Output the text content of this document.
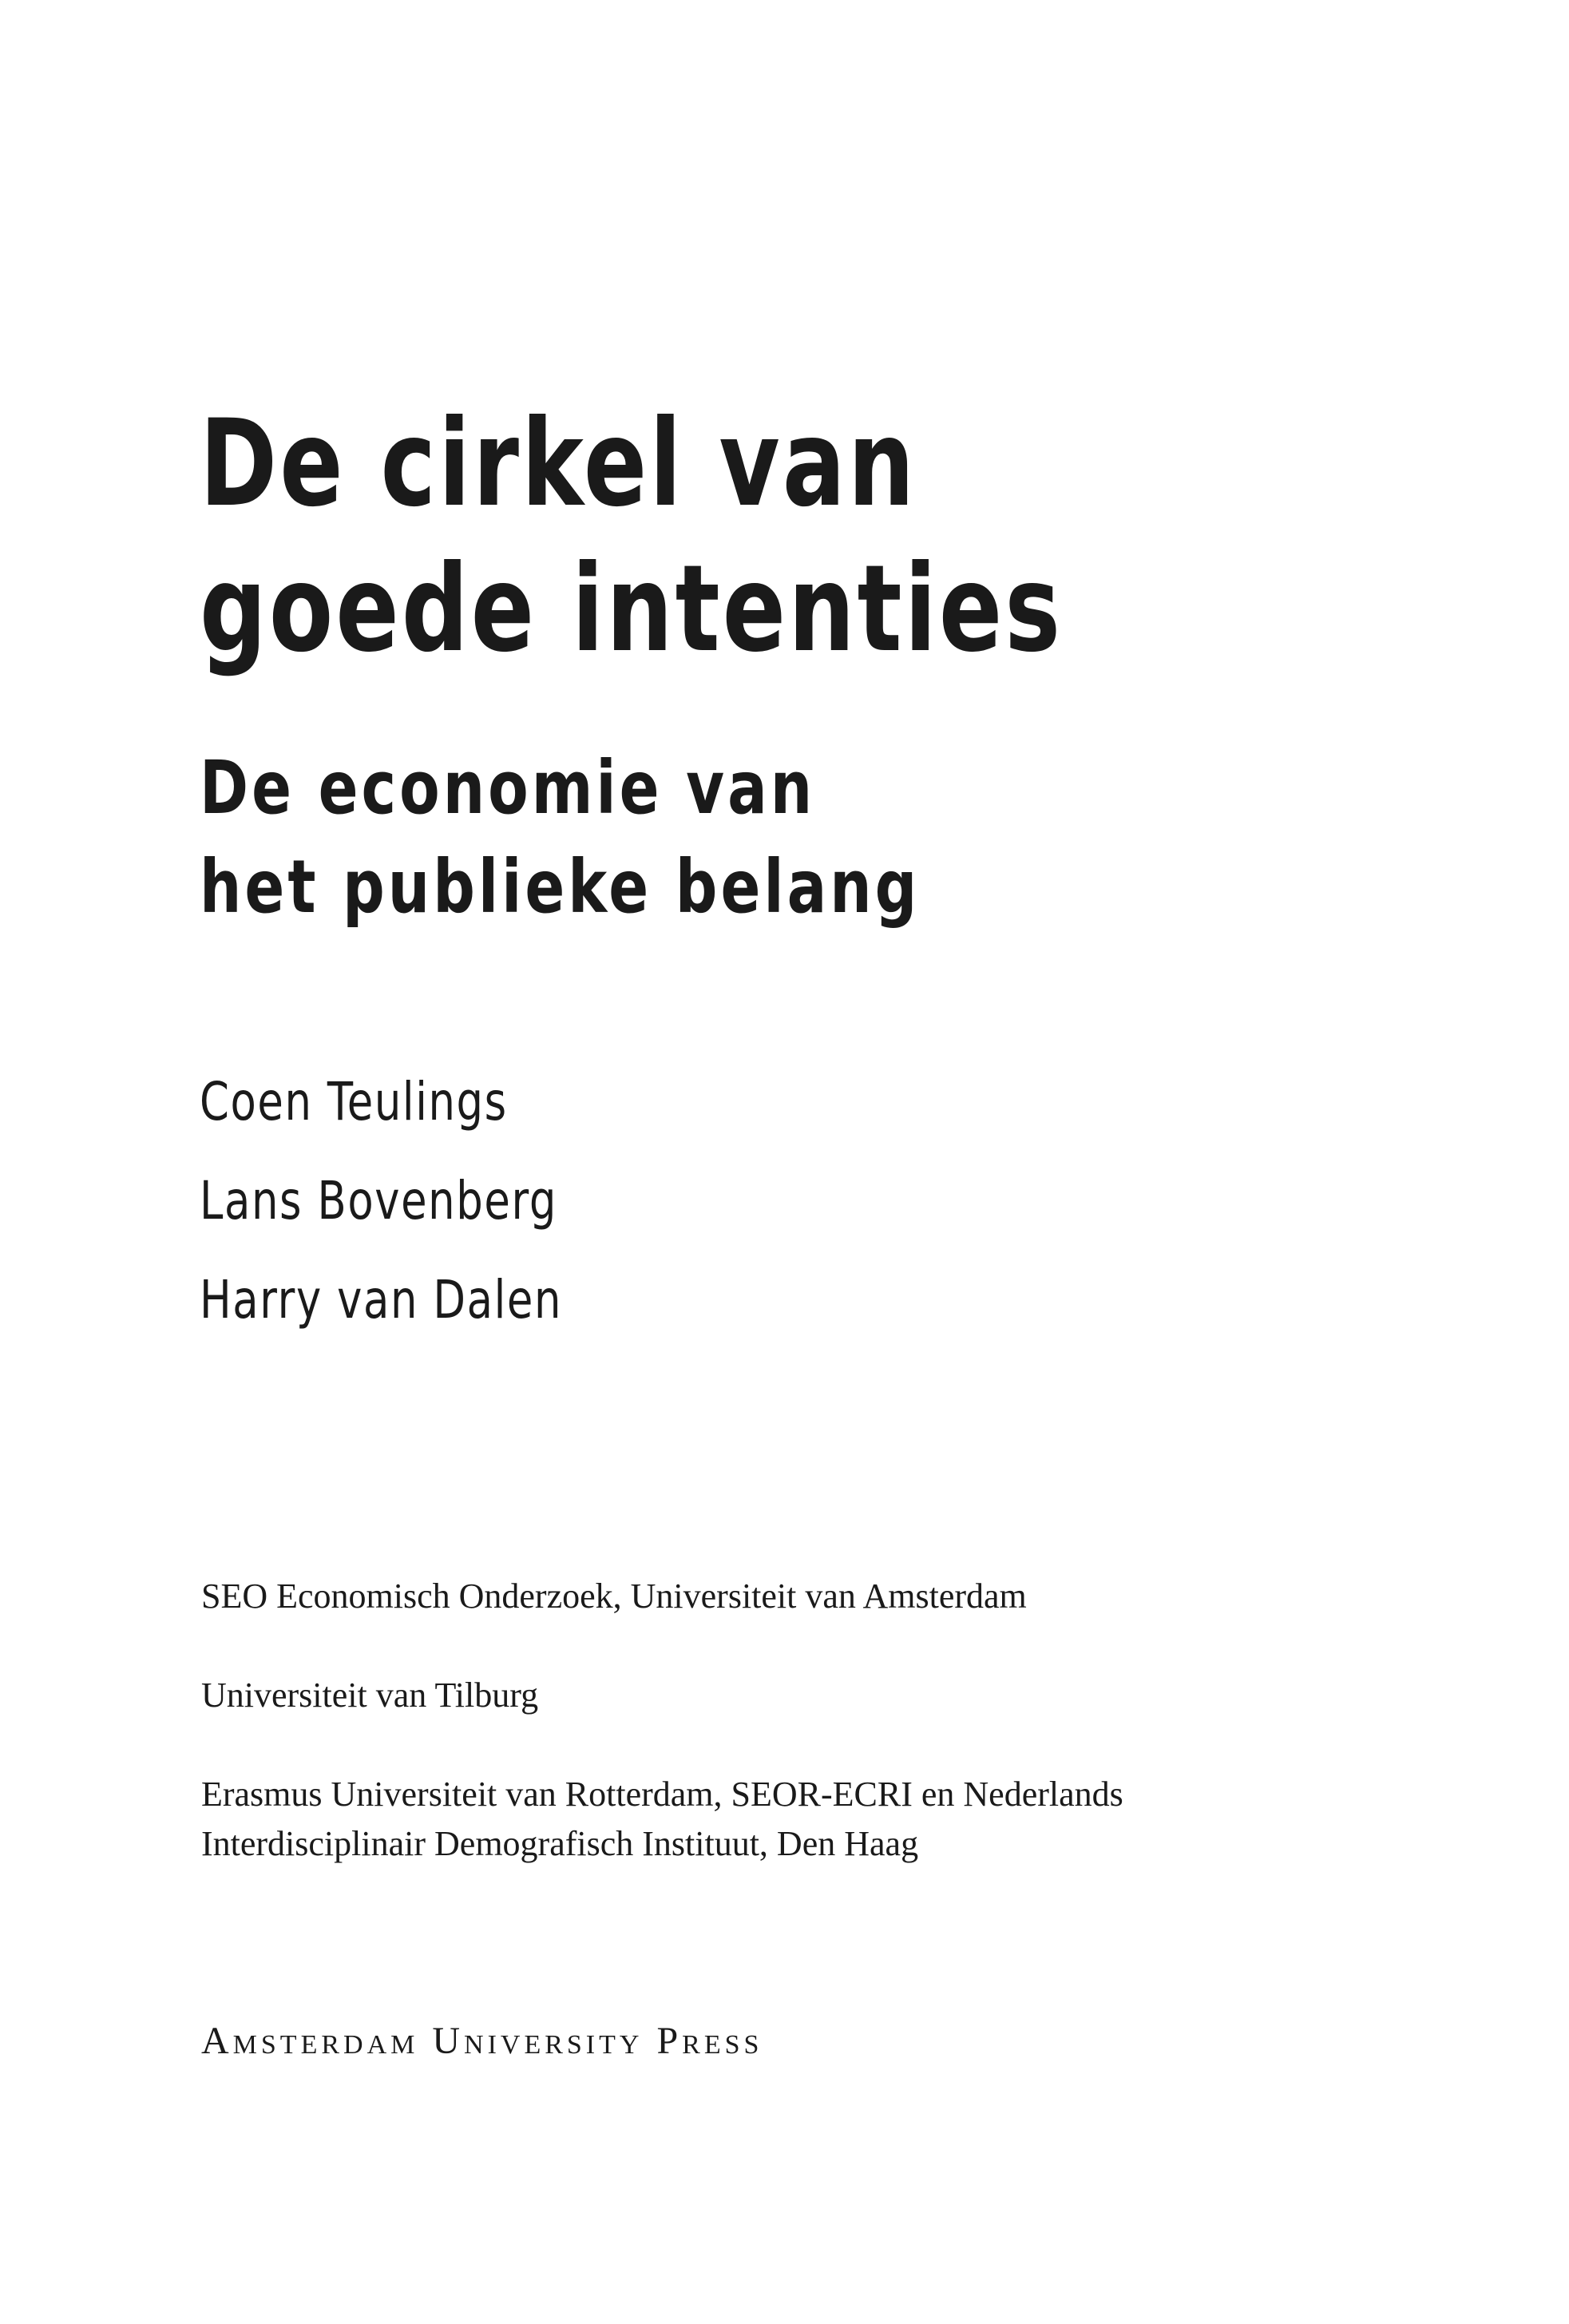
De cirkel van
goede intenties
De economie van
het publieke belang
Coen Teulings
Lans Bovenberg
Harry van Dalen
SEO Economisch Onderzoek, Universiteit van Amsterdam
Universiteit van Tilburg
Erasmus Universiteit van Rotterdam, SEOR-ECRI en Nederlands
Interdisciplinair Demografisch Instituut, Den Haag
Amsterdam University Press
